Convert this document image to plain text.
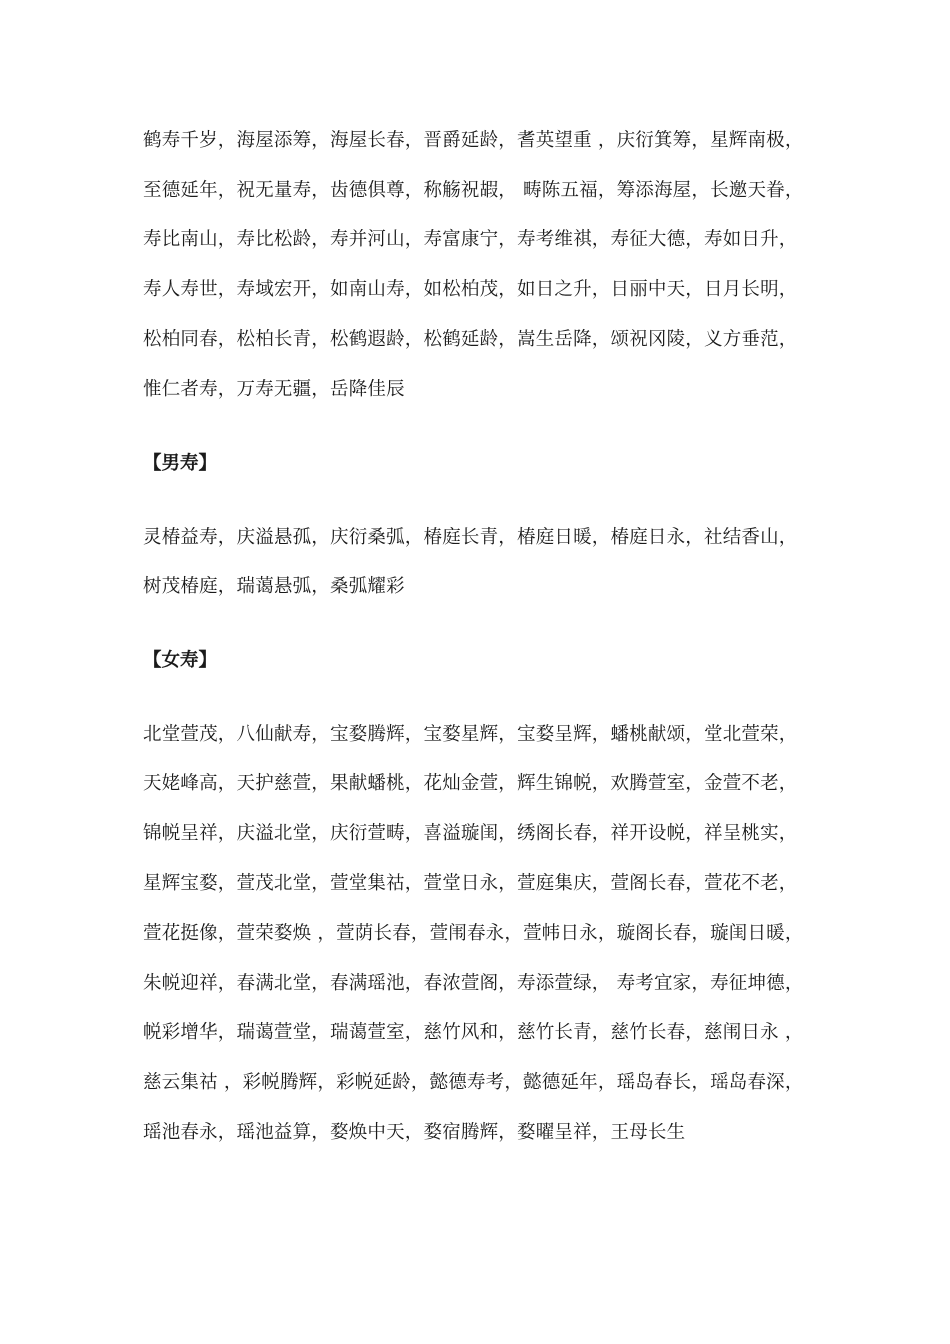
鹤寿千岁，海屋添筹，海屋长春，晋爵延龄，耆英望重 ，庆衍箕筹，星辉南极，
至德延年，祝无量寿，齿德俱尊，称觞祝嘏， 畴陈五福，筹添海屋，长邀天眷，
寿比南山，寿比松龄，寿并河山，寿富康宁，寿考维祺，寿征大德，寿如日升，
寿人寿世，寿域宏开，如南山寿，如松柏茂，如日之升，日丽中天，日月长明，
松柏同春，松柏长青，松鹤遐龄，松鹤延龄，嵩生岳降，颂祝冈陵，义方垂范，
惟仁者寿，万寿无疆，岳降佳辰
【男寿】
灵椿益寿，庆溢悬孤，庆衍桑弧，椿庭长青，椿庭日暖，椿庭日永，社结香山，
树茂椿庭，瑞蔼悬弧，桑弧耀彩
【女寿】
北堂萱茂，八仙献寿，宝婺腾辉，宝婺星辉，宝婺呈辉，蟠桃献颂，堂北萱荣，
天姥峰高，天护慈萱，果献蟠桃，花灿金萱，辉生锦帨，欢腾萱室，金萱不老，
锦帨呈祥，庆溢北堂，庆衍萱畴，喜溢璇闺，绣阁长春，祥开设帨，祥呈桃实，
星辉宝婺，萱茂北堂，萱堂集祜，萱堂日永，萱庭集庆，萱阁长春，萱花不老，
萱花挺像，萱荣婺焕 ，萱荫长春，萱闱春永，萱帏日永，璇阁长春，璇闺日暖，
朱帨迎祥，春满北堂，春满瑶池，春浓萱阁，寿添萱绿， 寿考宜家，寿征坤德，
帨彩增华，瑞蔼萱堂，瑞蔼萱室，慈竹风和，慈竹长青，慈竹长春，慈闱日永 ，
慈云集祜 ，彩帨腾辉，彩帨延龄，懿德寿考，懿德延年，瑶岛春长，瑶岛春深，
瑶池春永，瑶池益算，婺焕中天，婺宿腾辉，婺曜呈祥，王母长生
